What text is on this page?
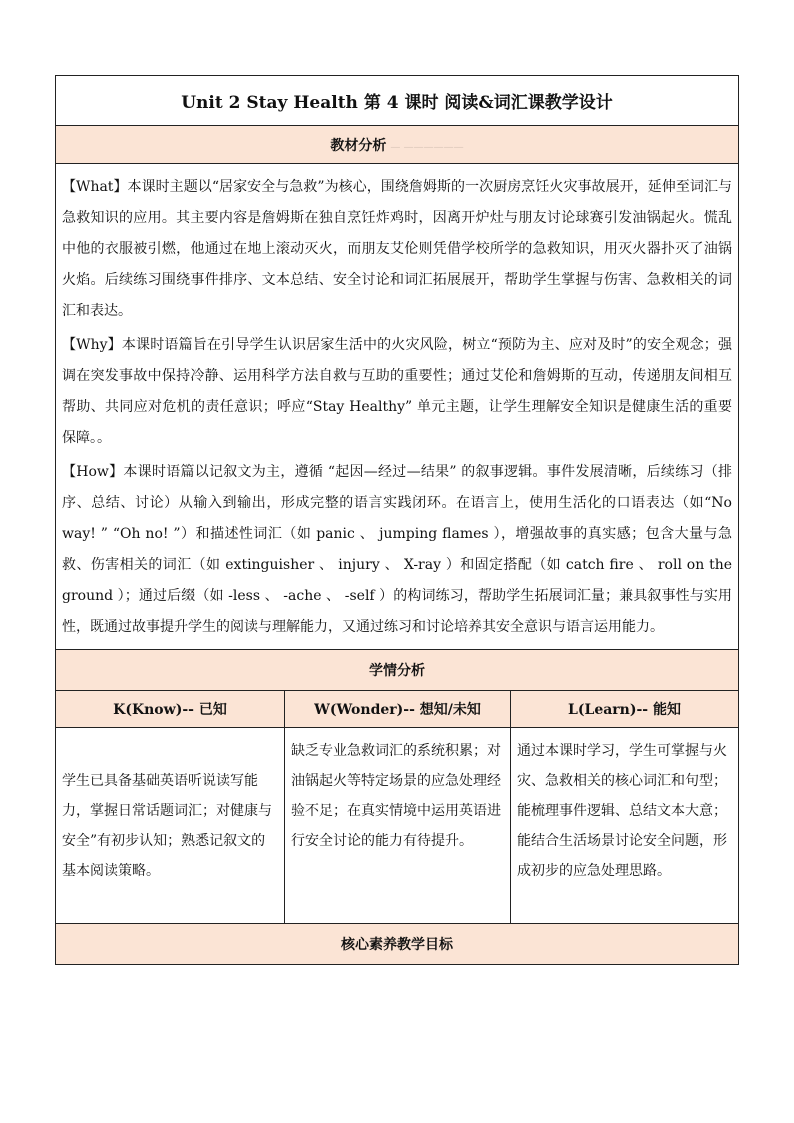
Unit 2 Stay Health 第 4 课时 阅读&词汇课教学设计		
教材分析 — ——————		

【What】本课时主题以“居家安全与急救”为核心，围绕詹姆斯的一次厨房烹饪火灾事故展开，延伸至词汇与急救知识的应用。其主要内容是詹姆斯在独自烹饪炸鸡时，因离开炉灶与朋友讨论球赛引发油锅起火。慌乱中他的衣服被引燃，他通过在地上滚动灭火，而朋友艾伦则凭借学校所学的急救知识，用灭火器扑灭了油锅火焰。后续练习围绕事件排序、文本总结、安全讨论和词汇拓展展开，帮助学生掌握与伤害、急救相关的词汇和表达。

【Why】本课时语篇旨在引导学生认识居家生活中的火灾风险，树立“预防为主、应对及时”的安全观念；强调在突发事故中保持冷静、运用科学方法自救与互助的重要性；通过艾伦和詹姆斯的互动，传递朋友间相互帮助、共同应对危机的责任意识；呼应“Stay Healthy” 单元主题，让学生理解安全知识是健康生活的重要保障。。

【How】本课时语篇以记叙文为主，遵循 “起因—经过—结果” 的叙事逻辑。事件发展清晰，后续练习（排序、总结、讨论）从输入到输出，形成完整的语言实践闭环。在语言上，使用生活化的口语表达（如“No way! ” “Oh no! ”）和描述性词汇（如 panic 、 jumping flames ），增强故事的真实感；包含大量与急救、伤害相关的词汇（如 extinguisher 、 injury 、 X-ray ）和固定搭配（如 catch fire 、 roll on the ground ）；通过后缀（如 -less 、 -ache 、 -self ）的构词练习，帮助学生拓展词汇量；兼具叙事性与实用性，既通过故事提升学生的阅读与理解能力，又通过练习和讨论培养其安全意识与语言运用能力。		

学情分析		
K(Know)-- 已知	W(Wonder)-- 想知/未知	L(Learn)-- 能知
学生已具备基础英语听说读写能力，掌握日常话题词汇；对健康与安全”有初步认知；熟悉记叙文的基本阅读策略。	缺乏专业急救词汇的系统积累；对油锅起火等特定场景的应急处理经验不足；在真实情境中运用英语进行安全讨论的能力有待提升。	通过本课时学习，学生可掌握与火灾、急救相关的核心词汇和句型；能梳理事件逻辑、总结文本大意；能结合生活场景讨论安全问题，形成初步的应急处理思路。
核心素养教学目标		
